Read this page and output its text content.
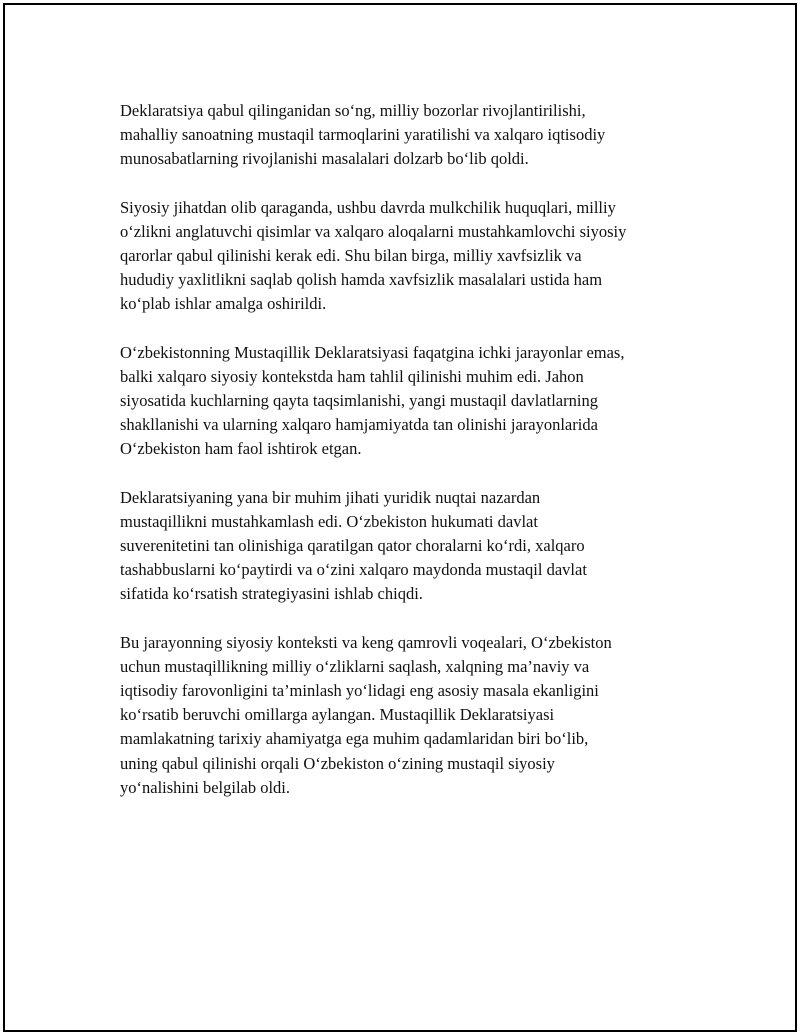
Deklaratsiya qabul qilinganidan so‘ng, milliy bozorlar rivojlantirilishi,
mahalliy sanoatning mustaqil tarmoqlarini yaratilishi va xalqaro iqtisodiy
munosabatlarning rivojlanishi masalalari dolzarb bo‘lib qoldi.

Siyosiy jihatdan olib qaraganda, ushbu davrda mulkchilik huquqlari, milliy
o‘zlikni anglatuvchi qisimlar va xalqaro aloqalarni mustahkamlovchi siyosiy
qarorlar qabul qilinishi kerak edi. Shu bilan birga, milliy xavfsizlik va
hududiy yaxlitlikni saqlab qolish hamda xavfsizlik masalalari ustida ham
ko‘plab ishlar amalga oshirildi.

O‘zbekistonning Mustaqillik Deklaratsiyasi faqatgina ichki jarayonlar emas,
balki xalqaro siyosiy kontekstda ham tahlil qilinishi muhim edi. Jahon
siyosatida kuchlarning qayta taqsimlanishi, yangi mustaqil davlatlarning
shakllanishi va ularning xalqaro hamjamiyatda tan olinishi jarayonlarida
O‘zbekiston ham faol ishtirok etgan.

Deklaratsiyaning yana bir muhim jihati yuridik nuqtai nazardan
mustaqillikni mustahkamlash edi. O‘zbekiston hukumati davlat
suverenitetini tan olinishiga qaratilgan qator choralarni ko‘rdi, xalqaro
tashabbuslarni ko‘paytirdi va o‘zini xalqaro maydonda mustaqil davlat
sifatida ko‘rsatish strategiyasini ishlab chiqdi.

Bu jarayonning siyosiy konteksti va keng qamrovli voqealari, O‘zbekiston
uchun mustaqillikning milliy o‘zliklarni saqlash, xalqning ma’naviy va
iqtisodiy farovonligini ta’minlash yo‘lidagi eng asosiy masala ekanligini
ko‘rsatib beruvchi omillarga aylangan. Mustaqillik Deklaratsiyasi
mamlakatning tarixiy ahamiyatga ega muhim qadamlaridan biri bo‘lib,
uning qabul qilinishi orqali O‘zbekiston o‘zining mustaqil siyosiy
yo‘nalishini belgilab oldi.
